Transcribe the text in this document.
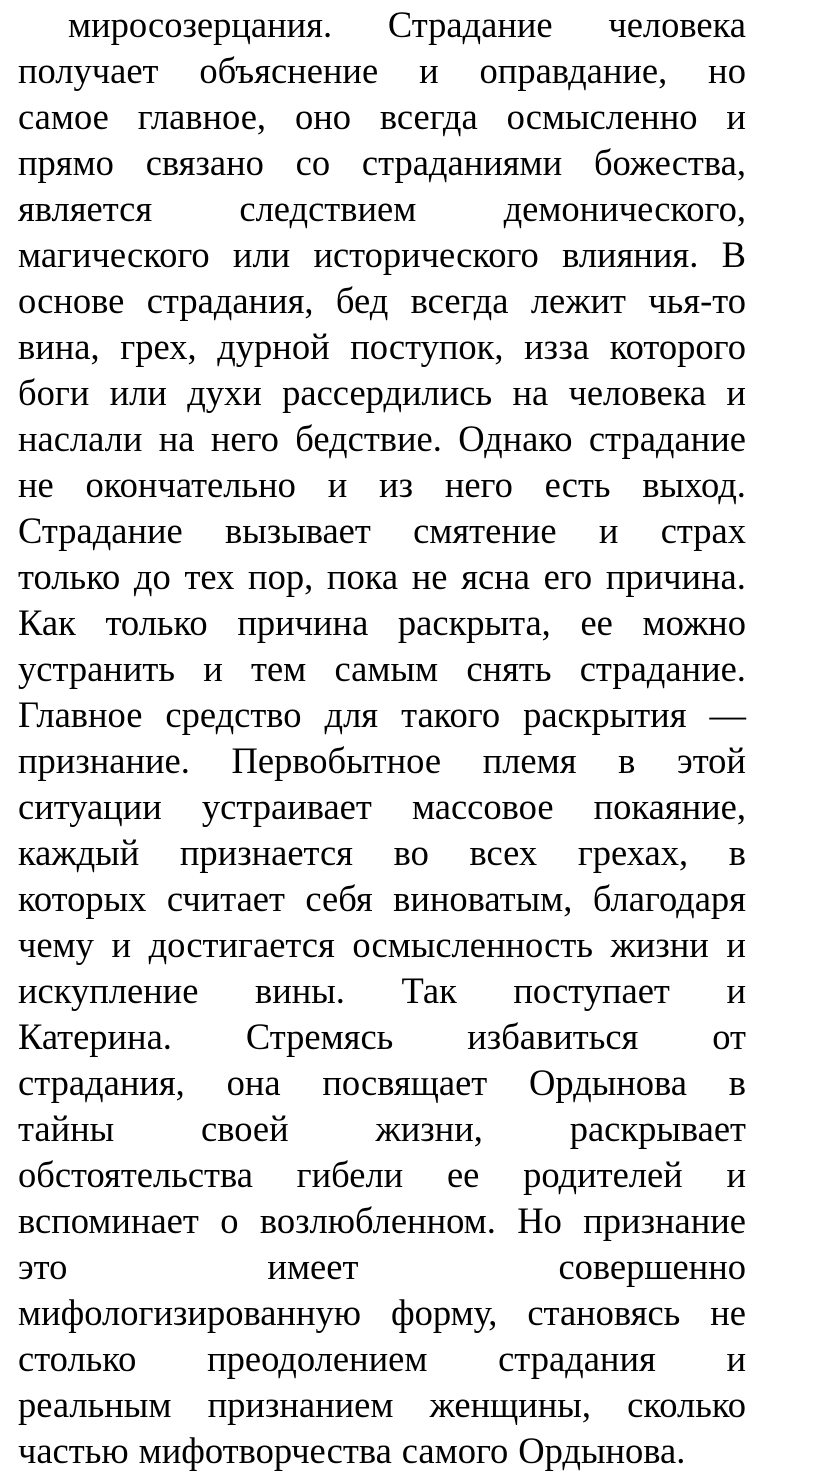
миросозерцания. Страдание человека
получает объяснение и оправдание, но
самое главное, оно всегда осмысленно и
прямо связано со страданиями божества,
является следствием демонического,
магического или исторического влияния. В
основе страдания, бед всегда лежит чья-то
вина, грех, дурной поступок, изза которого
боги или духи рассердились на человека и
наслали на него бедствие. Однако страдание
не окончательно и из него есть выход.
Страдание вызывает смятение и страх
только до тех пор, пока не ясна его причина.
Как только причина раскрыта, ее можно
устранить и тем самым снять страдание.
Главное средство для такого раскрытия —
признание. Первобытное племя в этой
ситуации устраивает массовое покаяние,
каждый признается во всех грехах, в
которых считает себя виноватым, благодаря
чему и достигается осмысленность жизни и
искупление вины. Так поступает и
Катерина. Стремясь избавиться от
страдания, она посвящает Ордынова в
тайны своей жизни, раскрывает
обстоятельства гибели ее родителей и
вспоминает о возлюбленном. Но признание
это	имеет	совершенно
мифологизированную форму, становясь не
столько преодолением страдания и
реальным признанием женщины, сколько
частью мифотворчества самого Ордынова.
